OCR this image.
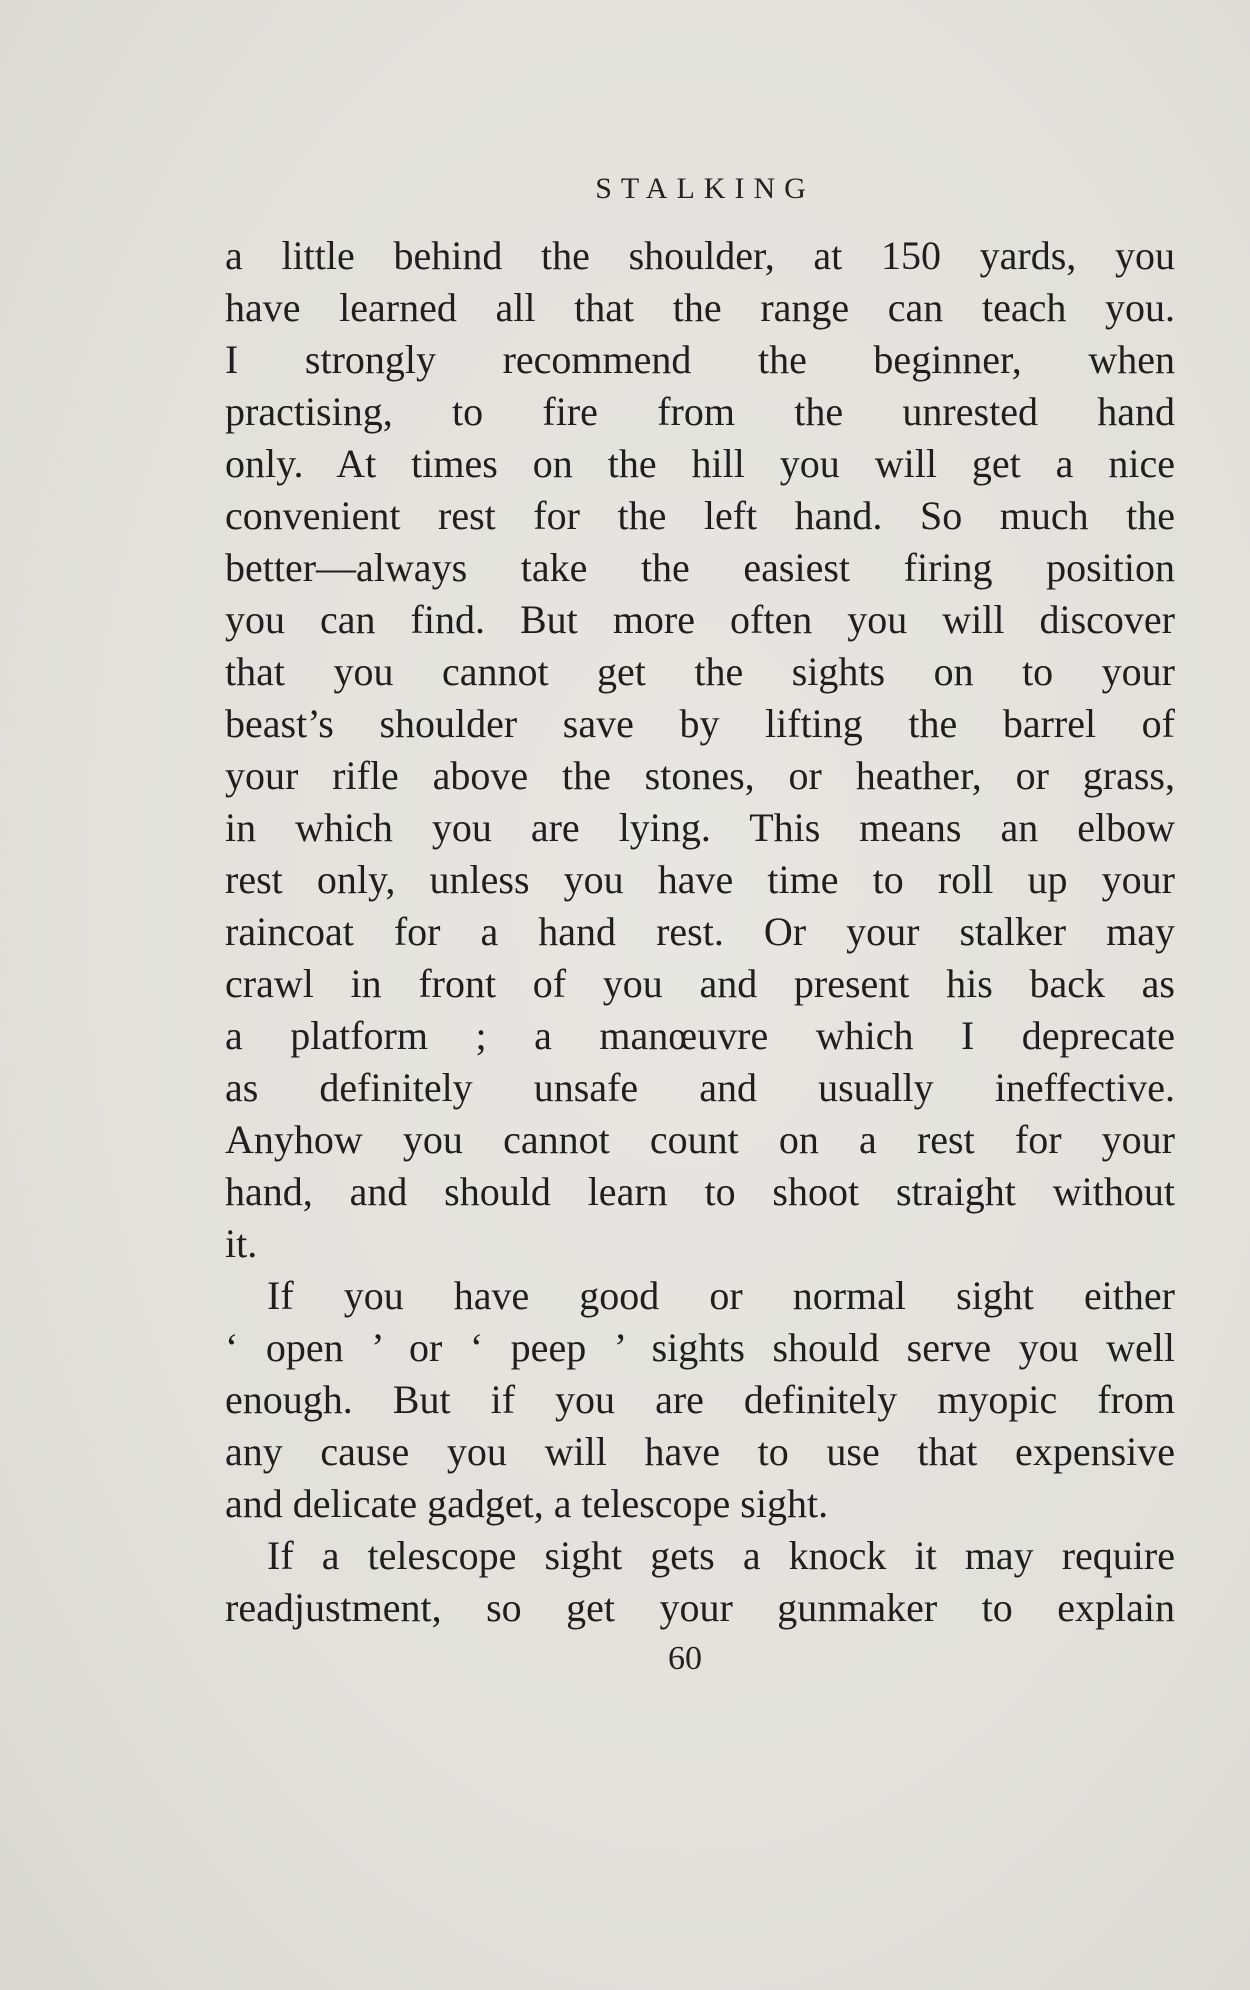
STALKING
a little behind the shoulder, at 150 yards, you
have learned all that the range can teach you.
I strongly recommend the beginner, when
practising, to fire from the unrested hand
only. At times on the hill you will get a nice
convenient rest for the left hand. So much the
better—always take the easiest firing position
you can find. But more often you will discover
that you cannot get the sights on to your
beast’s shoulder save by lifting the barrel of
your rifle above the stones, or heather, or grass,
in which you are lying. This means an elbow
rest only, unless you have time to roll up your
raincoat for a hand rest. Or your stalker may
crawl in front of you and present his back as
a platform ; a manœuvre which I deprecate
as definitely unsafe and usually ineffective.
Anyhow you cannot count on a rest for your
hand, and should learn to shoot straight without
it.
If you have good or normal sight either
‘ open ’ or ‘ peep ’ sights should serve you well
enough. But if you are definitely myopic from
any cause you will have to use that expensive
and delicate gadget, a telescope sight.
If a telescope sight gets a knock it may require
readjustment, so get your gunmaker to explain
60
